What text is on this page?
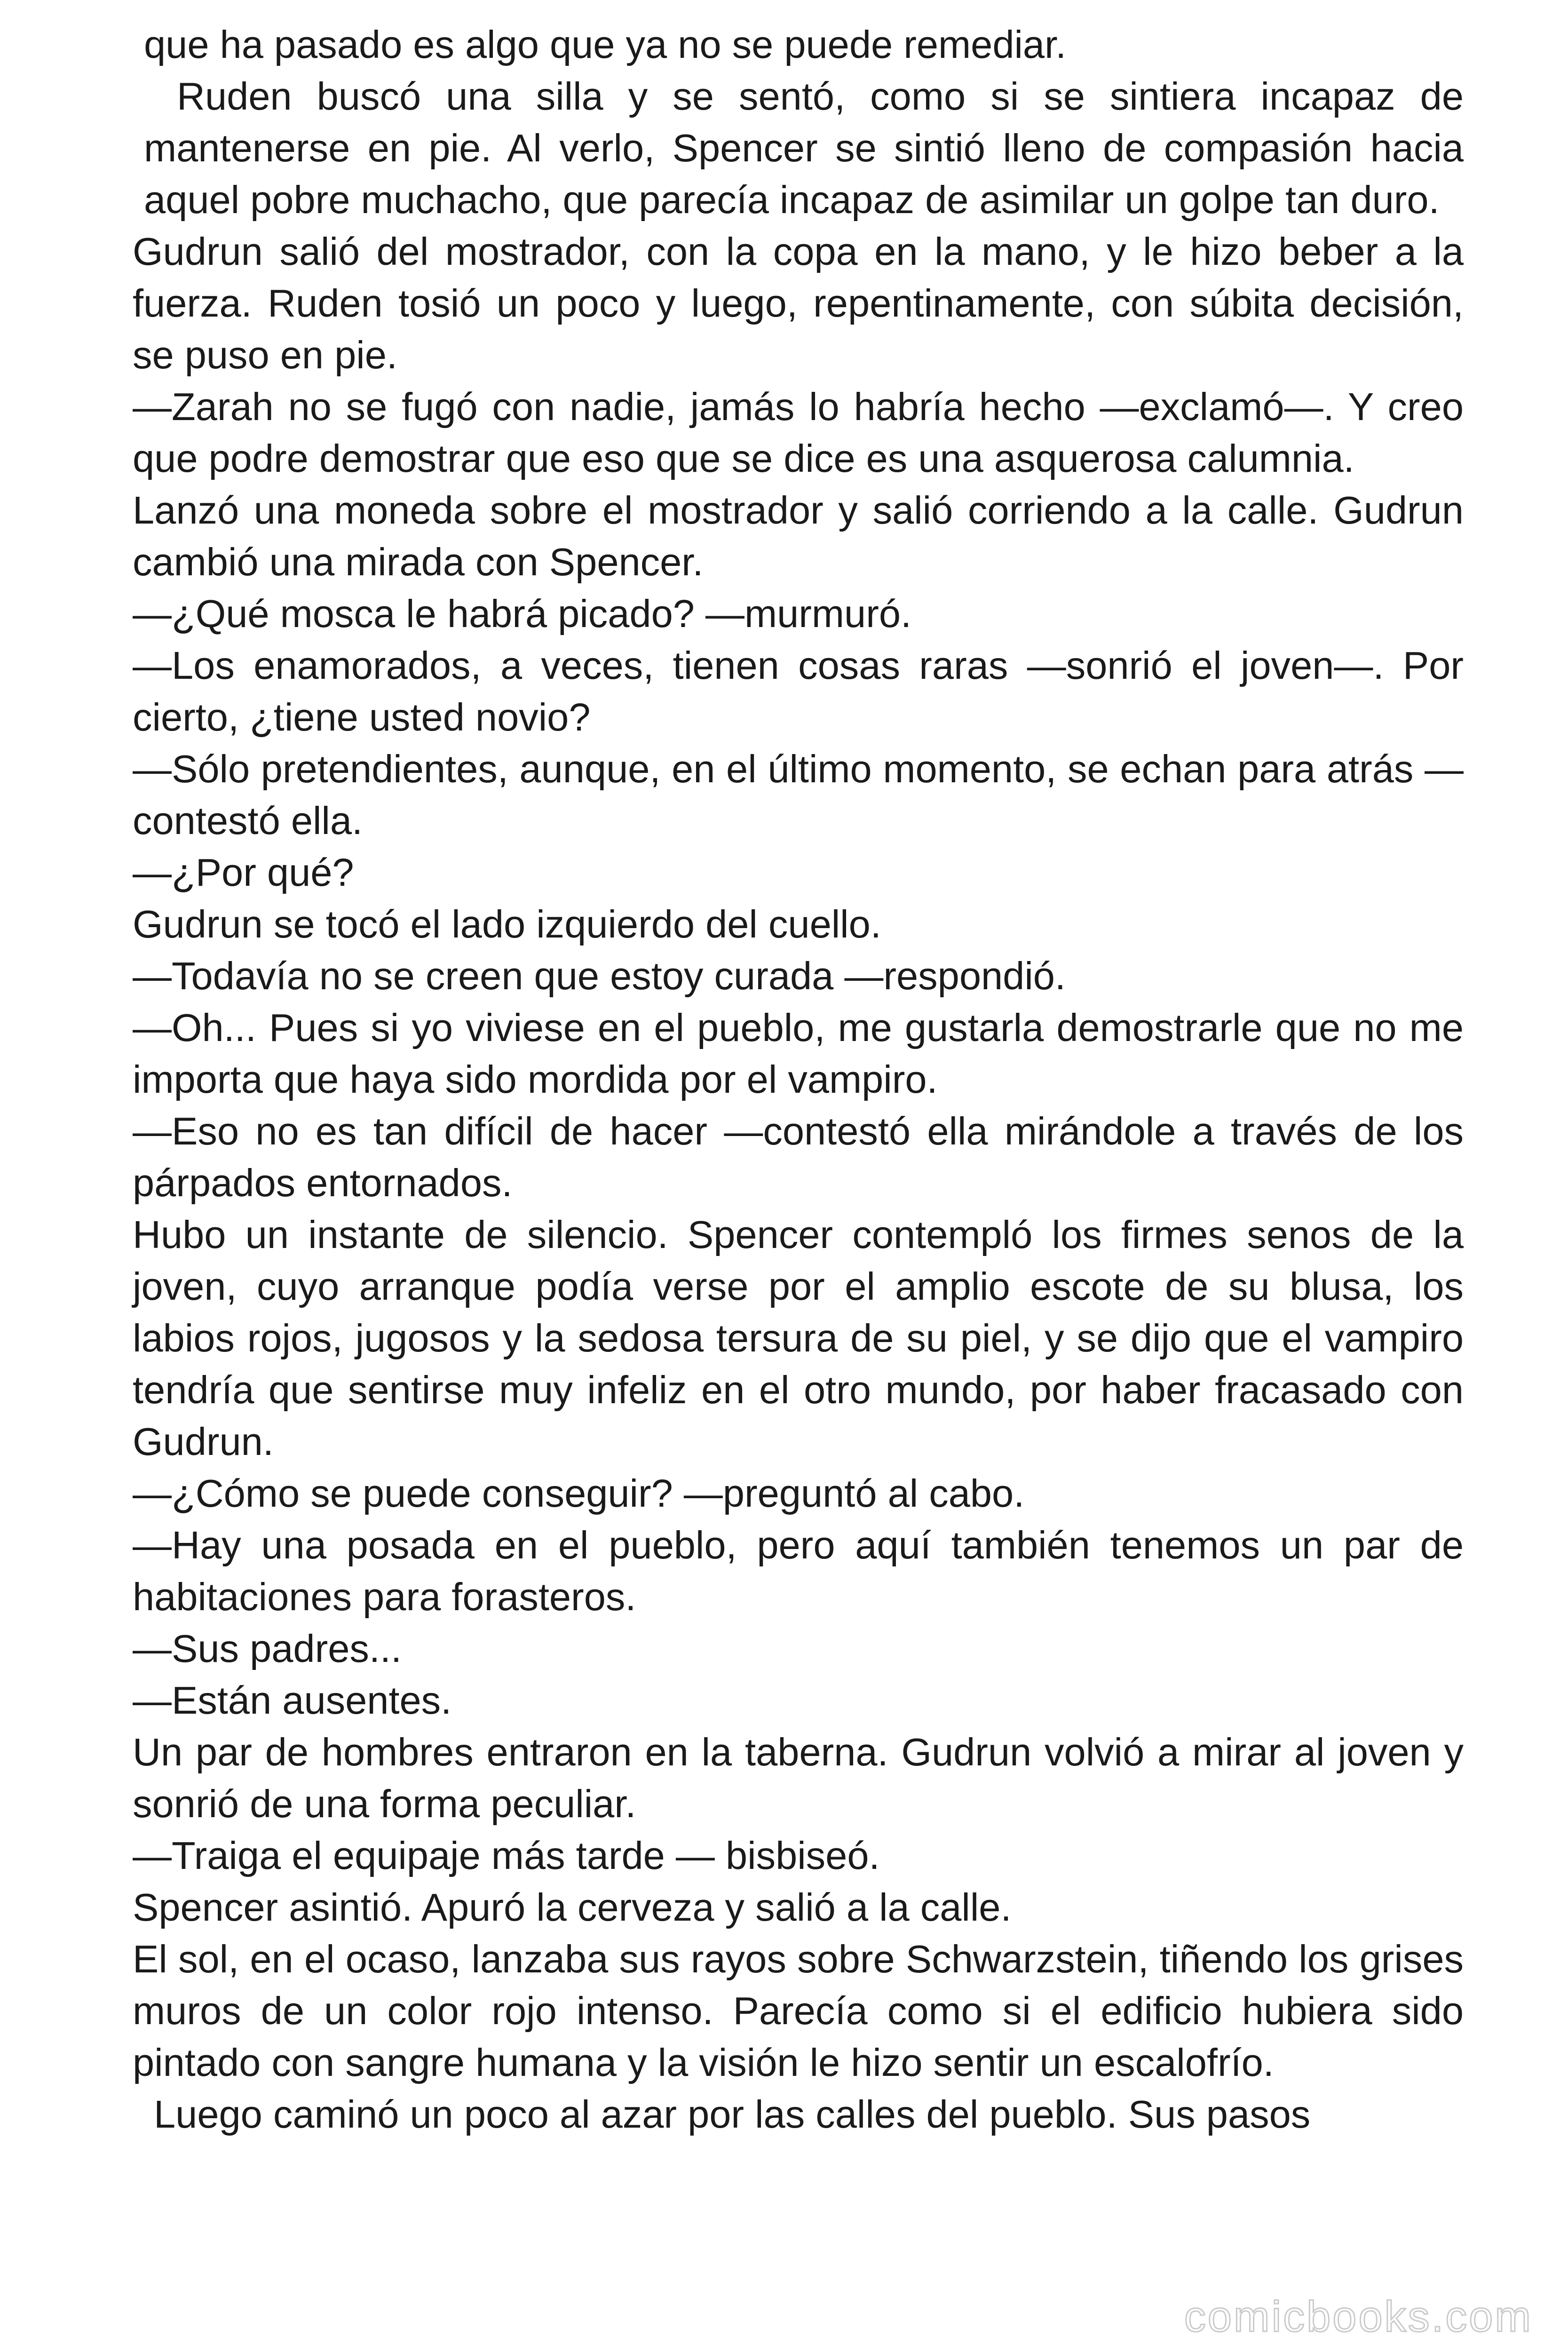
que ha pasado es algo que ya no se puede remediar.

Ruden buscó una silla y se sentó, como si se sintiera incapaz de mantenerse en pie. Al verlo, Spencer se sintió lleno de compasión hacia aquel pobre muchacho, que parecía incapaz de asimilar un golpe tan duro.

Gudrun salió del mostrador, con la copa en la mano, y le hizo beber a la fuerza. Ruden tosió un poco y luego, repentinamente, con súbita decisión, se puso en pie.

—Zarah no se fugó con nadie, jamás lo habría hecho —exclamó—. Y creo que podre demostrar que eso que se dice es una asquerosa calumnia.

Lanzó una moneda sobre el mostrador y salió corriendo a la calle. Gudrun cambió una mirada con Spencer.

—¿Qué mosca le habrá picado? —murmuró.

—Los enamorados, a veces, tienen cosas raras —sonrió el joven—. Por cierto, ¿tiene usted novio?

—Sólo pretendientes, aunque, en el último momento, se echan para atrás —contestó ella.

—¿Por qué?

Gudrun se tocó el lado izquierdo del cuello.

—Todavía no se creen que estoy curada —respondió.

—Oh... Pues si yo viviese en el pueblo, me gustarla demostrarle que no me importa que haya sido mordida por el vampiro.

—Eso no es tan difícil de hacer —contestó ella mirándole a través de los párpados entornados.

Hubo un instante de silencio. Spencer contempló los firmes senos de la joven, cuyo arranque podía verse por el amplio escote de su blusa, los labios rojos, jugosos y la sedosa tersura de su piel, y se dijo que el vampiro tendría que sentirse muy infeliz en el otro mundo, por haber fracasado con Gudrun.

—¿Cómo se puede conseguir? —preguntó al cabo.

—Hay una posada en el pueblo, pero aquí también tenemos un par de habitaciones para forasteros.

—Sus padres...

—Están ausentes.

Un par de hombres entraron en la taberna. Gudrun volvió a mirar al joven y sonrió de una forma peculiar.

—Traiga el equipaje más tarde — bisbiseó.

Spencer asintió. Apuró la cerveza y salió a la calle.

El sol, en el ocaso, lanzaba sus rayos sobre Schwarzstein, tiñendo los grises muros de un color rojo intenso. Parecía como si el edificio hubiera sido pintado con sangre humana y la visión le hizo sentir un escalofrío.

Luego caminó un poco al azar por las calles del pueblo. Sus pasos

comicbooks.com
